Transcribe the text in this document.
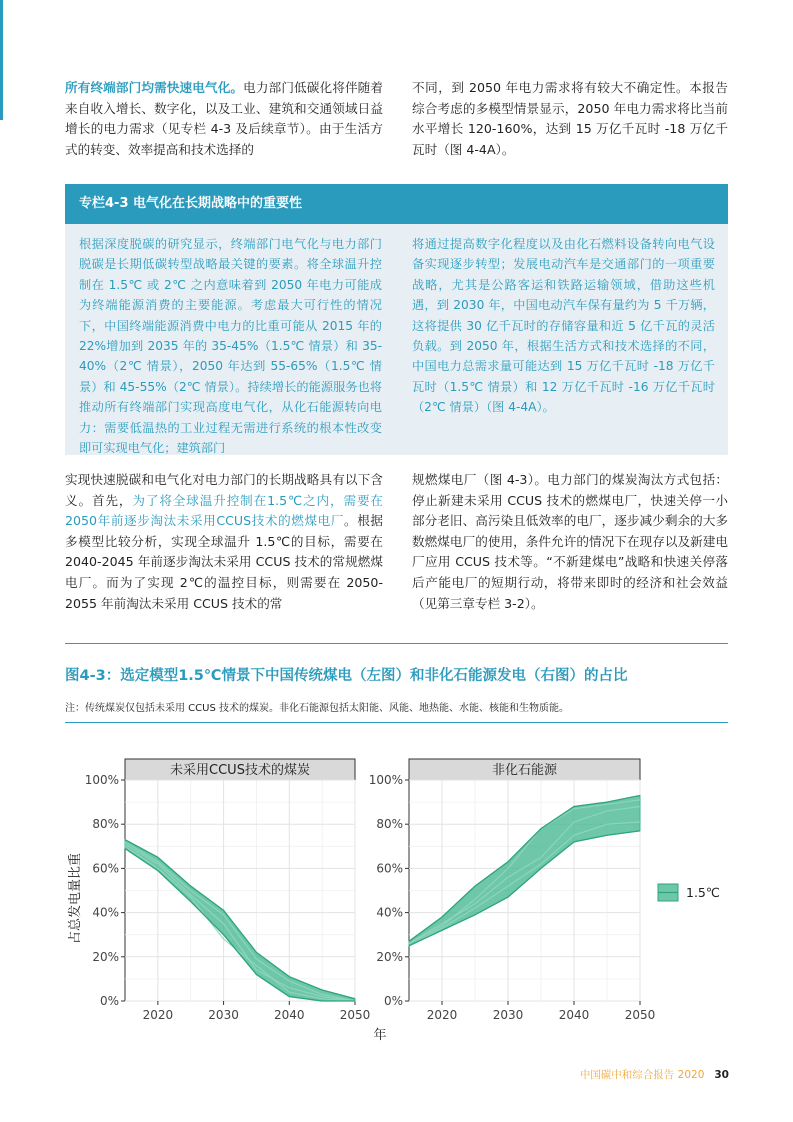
所有终端部门均需快速电气化。电力部门低碳化将伴随着来自收入增长、数字化，以及工业、建筑和交通领域日益增长的电力需求（见专栏 4-3 及后续章节）。由于生活方式的转变、效率提高和技术选择的
不同，到 2050 年电力需求将有较大不确定性。本报告综合考虑的多模型情景显示，2050 年电力需求将比当前水平增长 120-160%，达到 15 万亿千瓦时 -18 万亿千瓦时（图 4-4A）。
专栏4-3 电气化在长期战略中的重要性
根据深度脱碳的研究显示，终端部门电气化与电力部门脱碳是长期低碳转型战略最关键的要素。将全球温升控制在 1.5℃ 或 2℃ 之内意味着到 2050 年电力可能成为终端能源消费的主要能源。考虑最大可行性的情况下，中国终端能源消费中电力的比重可能从 2015 年的 22%增加到 2035 年的 35-45%（1.5℃ 情景）和 35-40%（2℃ 情景），2050 年达到 55-65%（1.5℃ 情景）和 45-55%（2℃ 情景）。持续增长的能源服务也将推动所有终端部门实现高度电气化，从化石能源转向电力：需要低温热的工业过程无需进行系统的根本性改变即可实现电气化；建筑部门
将通过提高数字化程度以及由化石燃料设备转向电气设备实现逐步转型；发展电动汽车是交通部门的一项重要战略，尤其是公路客运和铁路运输领域，借助这些机遇，到 2030 年，中国电动汽车保有量约为 5 千万辆，这将提供 30 亿千瓦时的存储容量和近 5 亿千瓦的灵活负载。到 2050 年，根据生活方式和技术选择的不同，中国电力总需求量可能达到 15 万亿千瓦时 -18 万亿千瓦时（1.5℃ 情景）和 12 万亿千瓦时 -16 万亿千瓦时（2℃ 情景）（图 4-4A）。
实现快速脱碳和电气化对电力部门的长期战略具有以下含义。首先，为了将全球温升控制在1.5℃之内，需要在2050年前逐步淘汰未采用CCUS技术的燃煤电厂。根据多模型比较分析，实现全球温升 1.5℃的目标，需要在 2040-2045 年前逐步淘汰未采用 CCUS 技术的常规燃煤电厂。而为了实现 2℃的温控目标，则需要在 2050-2055 年前淘汰未采用 CCUS 技术的常
规燃煤电厂（图 4-3）。电力部门的煤炭淘汰方式包括：停止新建未采用 CCUS 技术的燃煤电厂，快速关停一小部分老旧、高污染且低效率的电厂，逐步减少剩余的大多数燃煤电厂的使用，条件允许的情况下在现存以及新建电厂应用 CCUS 技术等。“不新建煤电”战略和快速关停落后产能电厂的短期行动，将带来即时的经济和社会效益（见第三章专栏 3-2）。
图4-3：选定模型1.5℃情景下中国传统煤电（左图）和非化石能源发电（右图）的占比
注：传统煤炭仅包括未采用 CCUS 技术的煤炭。非化石能源包括太阳能、风能、地热能、水能、核能和生物质能。
未采用CCUS技术的煤炭
0%
20%
40%
60%
80%
100%
2020	2030	2040	2050
非化石能源
0%
20%
40%
60%
80%
100%
2020	2030	2040	2050
占总发电量比重
年
1.5℃
中国碳中和综合报告 2020 30
